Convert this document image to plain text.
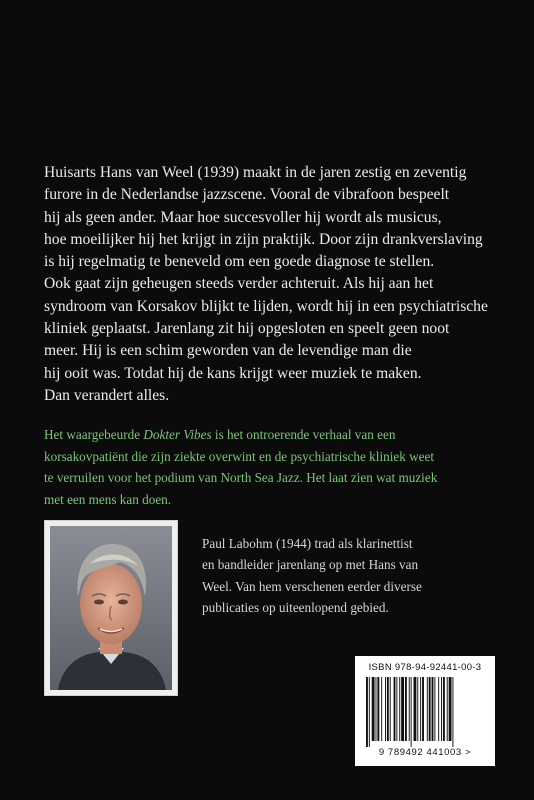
Huisarts Hans van Weel (1939) maakt in de jaren zestig en zeventig

furore in de Nederlandse jazzscene. Vooral de vibrafoon bespeelt

hij als geen ander. Maar hoe succesvoller hij wordt als musicus,

hoe moeilijker hij het krijgt in zijn praktijk. Door zijn drankverslaving

is hij regelmatig te beneveld om een goede diagnose te stellen.

Ook gaat zijn geheugen steeds verder achteruit. Als hij aan het

syndroom van Korsakov blijkt te lijden, wordt hij in een psychiatrische

kliniek geplaatst. Jarenlang zit hij opgesloten en speelt geen noot

meer. Hij is een schim geworden van de levendige man die

hij ooit was. Totdat hij de kans krijgt weer muziek te maken.

Dan verandert alles.

Het waargebeurde Dokter Vibes is het ontroerende verhaal van een
korsakovpatiënt die zijn ziekte overwint en de psychiatrische kliniek weet
te verruilen voor het podium van North Sea Jazz. Het laat zien wat muziek
met een mens kan doen.
Paul Labohm (1944) trad als klarinettist
en bandleider jarenlang op met Hans van
Weel. Van hem verschenen eerder diverse
publicaties op uiteenlopend gebied.
ISBN 978-94-92441-00-3
9 789492 441003 >
